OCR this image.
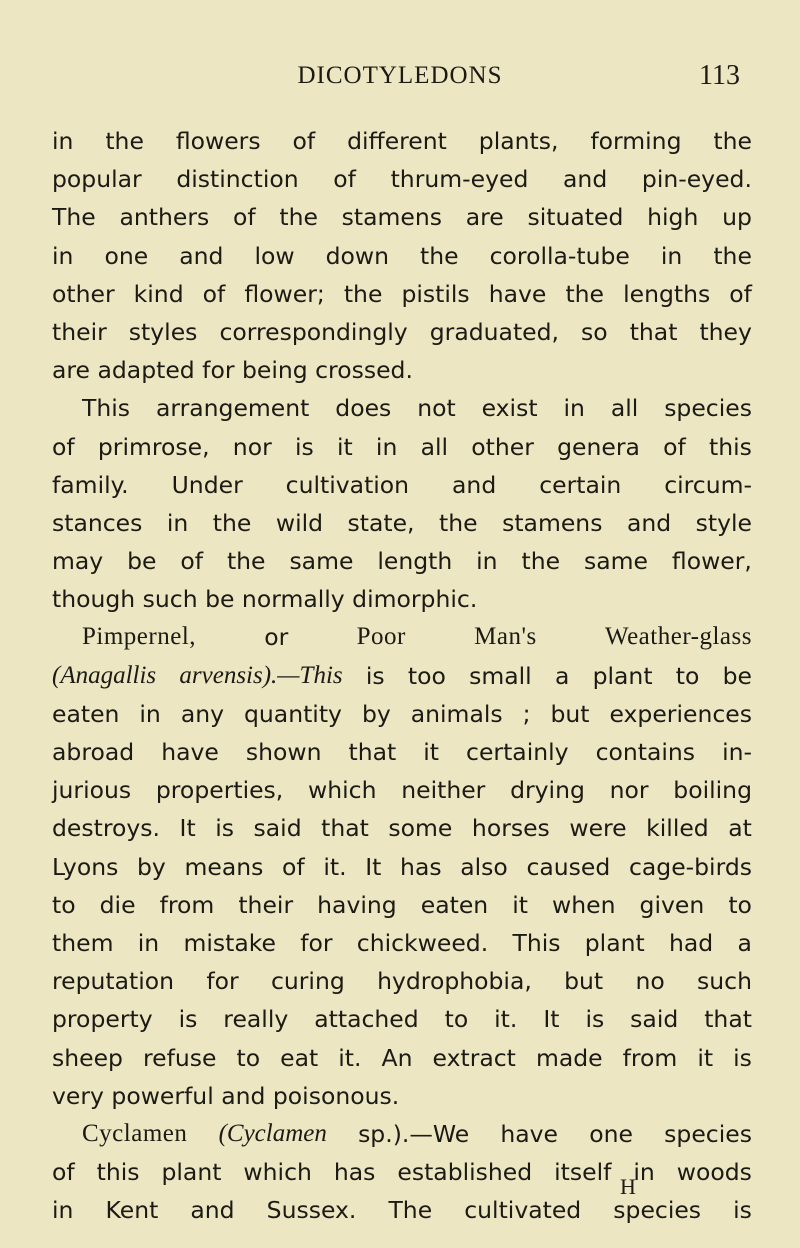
DICOTYLEDONS	113
in the flowers of different plants, forming the
popular distinction of thrum-eyed and pin-eyed.
The anthers of the stamens are situated high up
in one and low down the corolla-tube in the
other kind of flower; the pistils have the lengths of
their styles correspondingly graduated, so that they
are adapted for being crossed.
This arrangement does not exist in all species
of primrose, nor is it in all other genera of this
family. Under cultivation and certain circum-
stances in the wild state, the stamens and style
may be of the same length in the same flower,
though such be normally dimorphic.
Pimpernel,	or	Poor	Man's	Weather-glass
(Anagallis arvensis).—This is too small a plant to be
eaten in any quantity by animals ; but experiences
abroad have shown that it certainly contains in-
jurious properties, which neither drying nor boiling
destroys. It is said that some horses were killed at
Lyons by means of it. It has also caused cage-birds
to die from their having eaten it when given to
them in mistake for chickweed. This plant had a
reputation for curing hydrophobia, but no such
property is really attached to it. It is said that
sheep refuse to eat it. An extract made from it is
very powerful and poisonous.
Cyclamen (Cyclamen sp.).—We have one species
of this plant which has established itself in woods
in Kent and Sussex. The cultivated species is
H
